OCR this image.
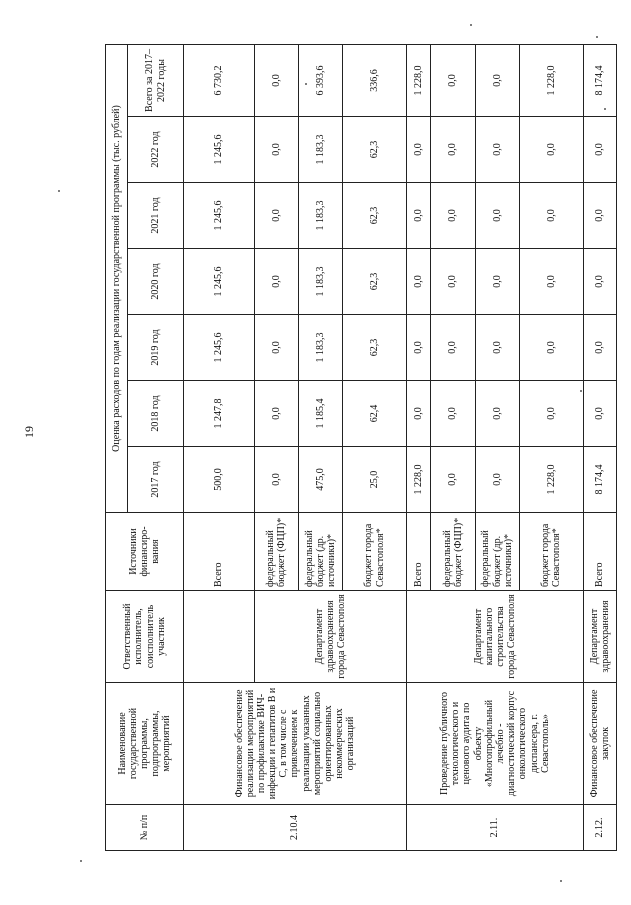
19
№ п/п	Наименование государственной программы, подпрограммы, мероприятий	Ответственный исполнитель, соисполнитель участник	Источники финансиро-вания	Оценка расходов по годам реализации государственной программы (тыс. рублей)						
				2017 год	2018 год	2019 год	2020 год	2021 год	2022 год	Всего за 2017–2022 годы
2.10.4	Финансовое обеспечение реализации мероприятий по профилактике ВИЧ-инфекции и гепатитов B и C, в том числе с привлечением к реализации указанных мероприятий социально ориентированных некоммерческих организаций		Всего	500,0	1 247,8	1 245,6	1 245,6	1 245,6	1 245,6	6 730,2
		Департамент здравоохранения города Севастополя	федеральный бюджет (ФЦП)*	0,0	0,0	0,0	0,0	0,0	0,0	0,0
			федеральный бюджет (др. источники)*	475,0	1 185,4	1 183,3	1 183,3	1 183,3	1 183,3	6 393,6
			бюджет города Севастополя*	25,0	62,4	62,3	62,3	62,3	62,3	336,6
2.11.	Проведение публичного технологического и ценового аудита по объекту «Многопрофильный лечебно - диагностический корпус онкологического диспансера, г. Севастополь»	Департамент капитального строительства города Севастополя	Всего	1 228,0	0,0	0,0	0,0	0,0	0,0	1 228,0
			федеральный бюджет (ФЦП)*	0,0	0,0	0,0	0,0	0,0	0,0	0,0
			федеральный бюджет (др. источники)*	0,0	0,0	0,0	0,0	0,0	0,0	0,0
			бюджет города Севастополя*	1 228,0	0,0	0,0	0,0	0,0	0,0	1 228,0
2.12.	Финансовое обеспечение закупок	Департамент здравоохранения	Всего	8 174,4	0,0	0,0	0,0	0,0	0,0	8 174,4
